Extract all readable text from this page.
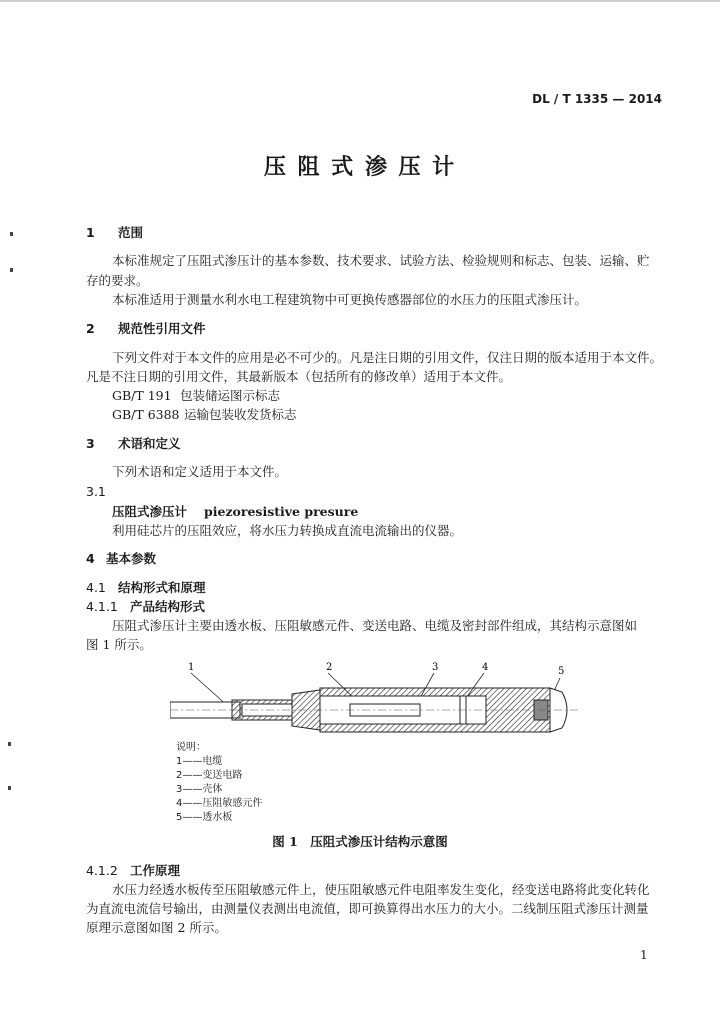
DL / T 1335 — 2014
压 阻 式 渗 压 计
1 范围
本标准规定了压阻式渗压计的基本参数、技术要求、试验方法、检验规则和标志、包装、运输、贮
存的要求。
本标准适用于测量水利水电工程建筑物中可更换传感器部位的水压力的压阻式渗压计。
2 规范性引用文件
下列文件对于本文件的应用是必不可少的。凡是注日期的引用文件，仅注日期的版本适用于本文件。
凡是不注日期的引用文件，其最新版本（包括所有的修改单）适用于本文件。
GB/T 191 包装储运图示标志
GB/T 6388 运输包装收发货标志
3 术语和定义
下列术语和定义适用于本文件。
3.1
压阻式渗压计 piezoresistive presure
利用硅芯片的压阻效应，将水压力转换成直流电流输出的仪器。
4 基本参数
4.1 结构形式和原理
4.1.1 产品结构形式
压阻式渗压计主要由透水板、压阻敏感元件、变送电路、电缆及密封部件组成，其结构示意图如
图 1 所示。
1	2	3	4	5
说明：
1——电缆
2——变送电路
3——壳体
4——压阻敏感元件
5——透水板
图 1　压阻式渗压计结构示意图
4.1.2 工作原理
水压力经透水板传至压阻敏感元件上，使压阻敏感元件电阻率发生变化，经变送电路将此变化转化
为直流电流信号输出，由测量仪表测出电流值，即可换算得出水压力的大小。二线制压阻式渗压计测量
原理示意图如图 2 所示。
1
